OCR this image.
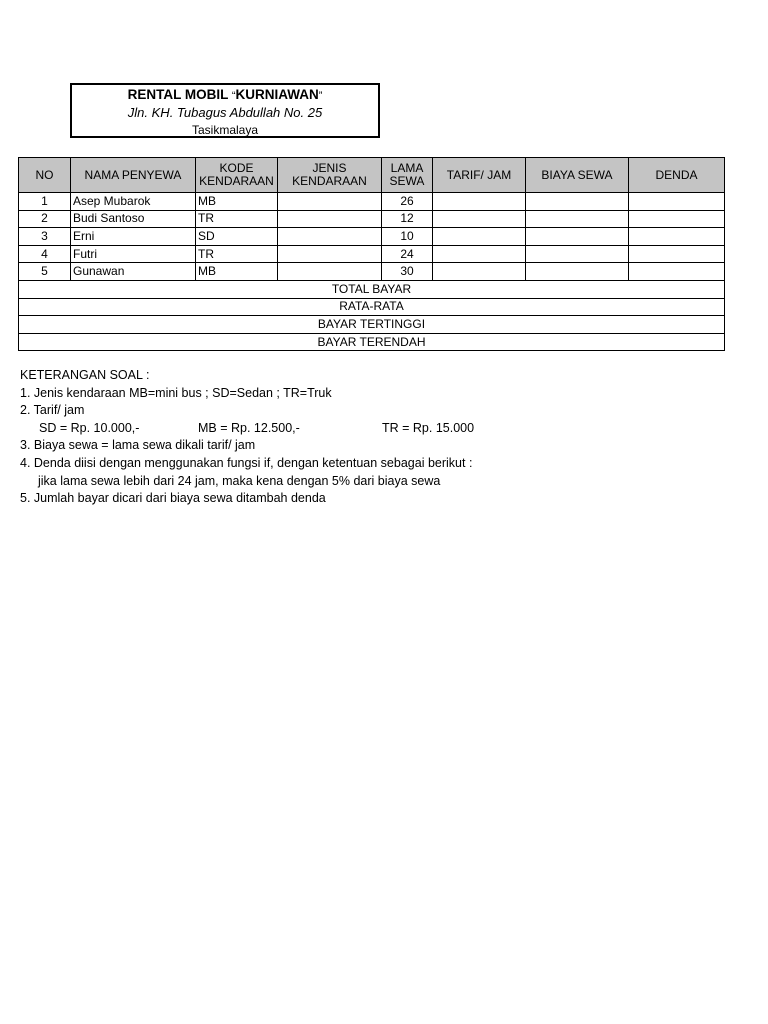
RENTAL MOBIL “KURNIAWAN”
Jln. KH. Tubagus Abdullah No. 25
Tasikmalaya
NO	NAMA PENYEWA	KODE KENDARAAN	JENIS KENDARAAN	LAMA SEWA	TARIF/ JAM	BIAYA SEWA	DENDA
1	Asep Mubarok	MB		26			
2	Budi Santoso	TR		12			
3	Erni	SD		10			
4	Futri	TR		24			
5	Gunawan	MB		30			
TOTAL BAYAR							
RATA-RATA							
BAYAR TERTINGGI							
BAYAR TERENDAH							
KETERANGAN SOAL :
1. Jenis kendaraan MB=mini bus ; SD=Sedan ; TR=Truk
2. Tarif/ jam
SD = Rp. 10.000,-	MB = Rp. 12.500,-	TR = Rp. 15.000
3. Biaya sewa = lama sewa dikali tarif/ jam
4. Denda diisi dengan menggunakan fungsi if, dengan ketentuan sebagai berikut :
jika lama sewa lebih dari 24 jam, maka kena dengan 5% dari biaya sewa
5. Jumlah bayar dicari dari biaya sewa ditambah denda
